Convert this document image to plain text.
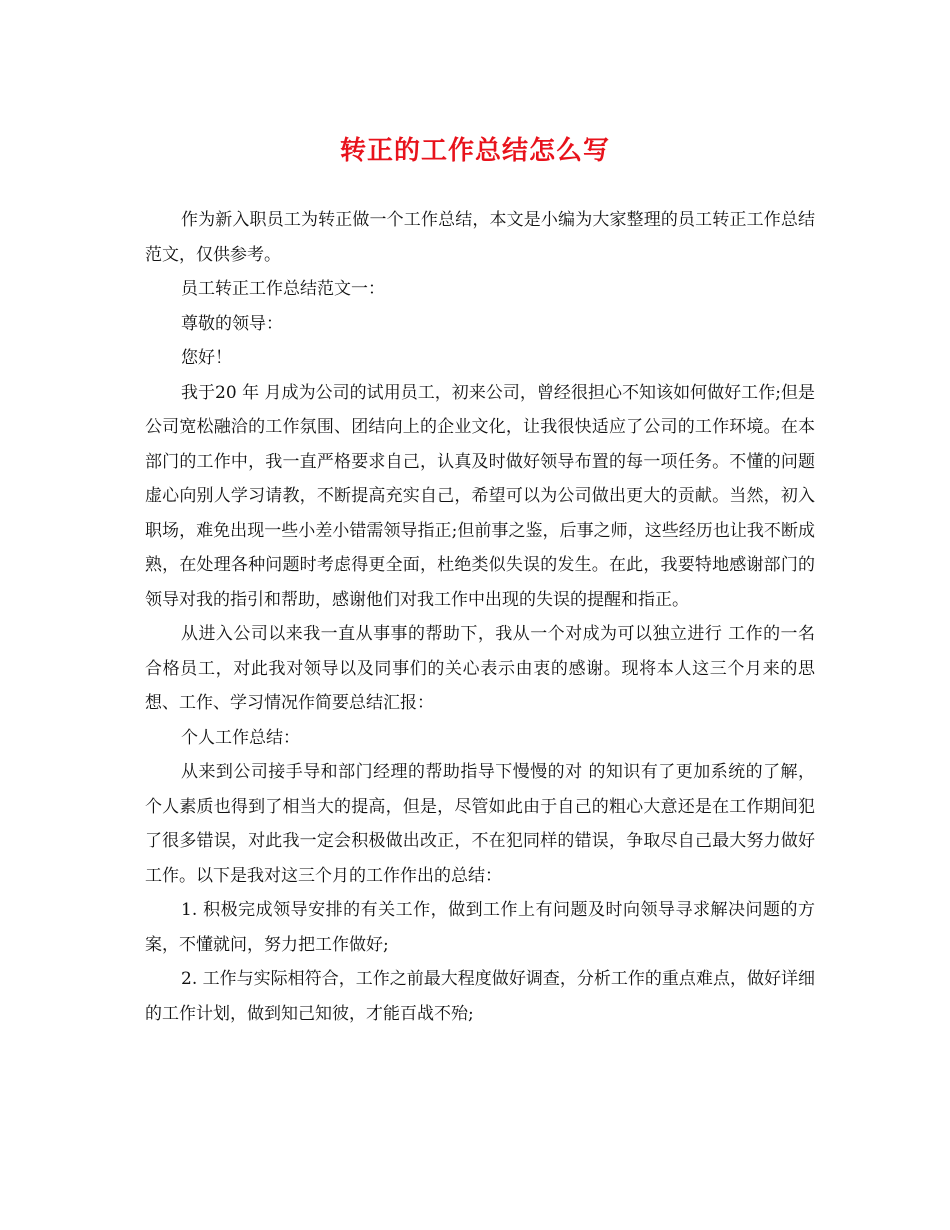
转正的工作总结怎么写

作为新入职员工为转正做一个工作总结，本文是小编为大家整理的员工转正工作总结范文，仅供参考。

员工转正工作总结范文一：

尊敬的领导：

您好！

我于20 年 月成为公司的试用员工，初来公司，曾经很担心不知该如何做好工作;但是公司宽松融洽的工作氛围、团结向上的企业文化，让我很快适应了公司的工作环境。在本部门的工作中，我一直严格要求自己，认真及时做好领导布置的每一项任务。不懂的问题虚心向别人学习请教，不断提高充实自己，希望可以为公司做出更大的贡献。当然，初入职场，难免出现一些小差小错需领导指正;但前事之鉴，后事之师，这些经历也让我不断成熟，在处理各种问题时考虑得更全面，杜绝类似失误的发生。在此，我要特地感谢部门的领导对我的指引和帮助，感谢他们对我工作中出现的失误的提醒和指正。

从进入公司以来我一直从事事的帮助下，我从一个对成为可以独立进行 工作的一名合格员工，对此我对领导以及同事们的关心表示由衷的感谢。现将本人这三个月来的思想、工作、学习情况作简要总结汇报：

个人工作总结：

从来到公司接手导和部门经理的帮助指导下慢慢的对 的知识有了更加系统的了解，个人素质也得到了相当大的提高，但是，尽管如此由于自己的粗心大意还是在工作期间犯了很多错误，对此我一定会积极做出改正，不在犯同样的错误，争取尽自己最大努力做好工作。以下是我对这三个月的工作作出的总结：

1. 积极完成领导安排的有关工作，做到工作上有问题及时向领导寻求解决问题的方案，不懂就问，努力把工作做好;

2. 工作与实际相符合，工作之前最大程度做好调查，分析工作的重点难点，做好详细的工作计划，做到知己知彼，才能百战不殆;
